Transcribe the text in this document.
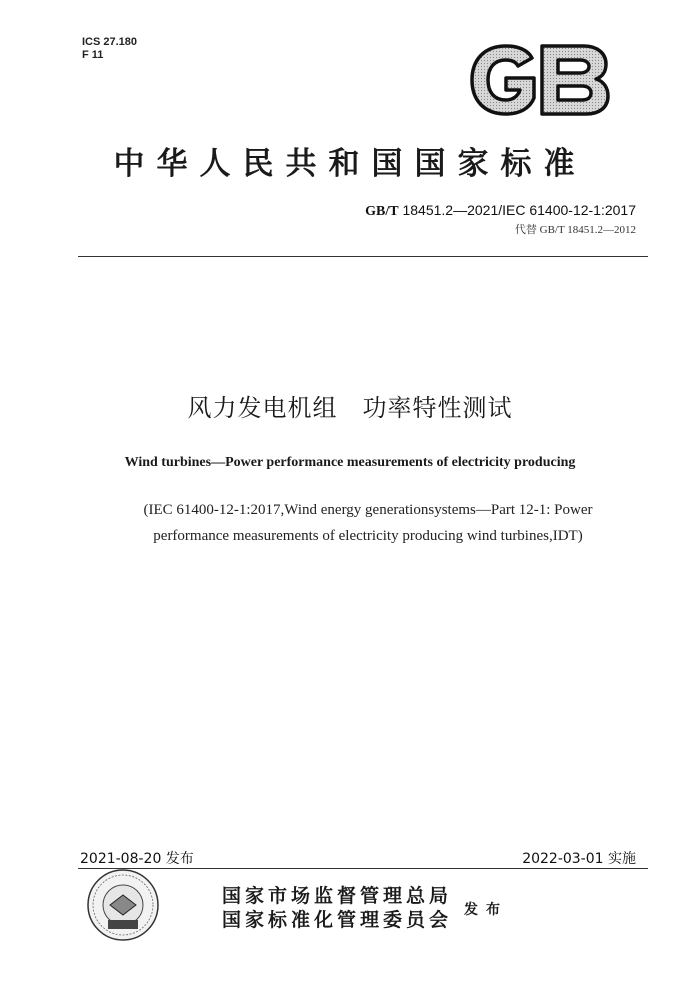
ICS 27.180
F 11
中华人民共和国国家标准
GB/T 18451.2—2021/IEC 61400-12-1:2017
代替 GB/T 18451.2—2012
风力发电机组　功率特性测试
Wind turbines—Power performance measurements of electricity producing
(IEC 61400-12-1:2017,Wind energy generationsystems—Part 12-1: Power
performance measurements of electricity producing wind turbines,IDT)
2021-08-20 发布	2022-03-01 实施
国家市场监督管理总局
国家标准化管理委员会 发布
